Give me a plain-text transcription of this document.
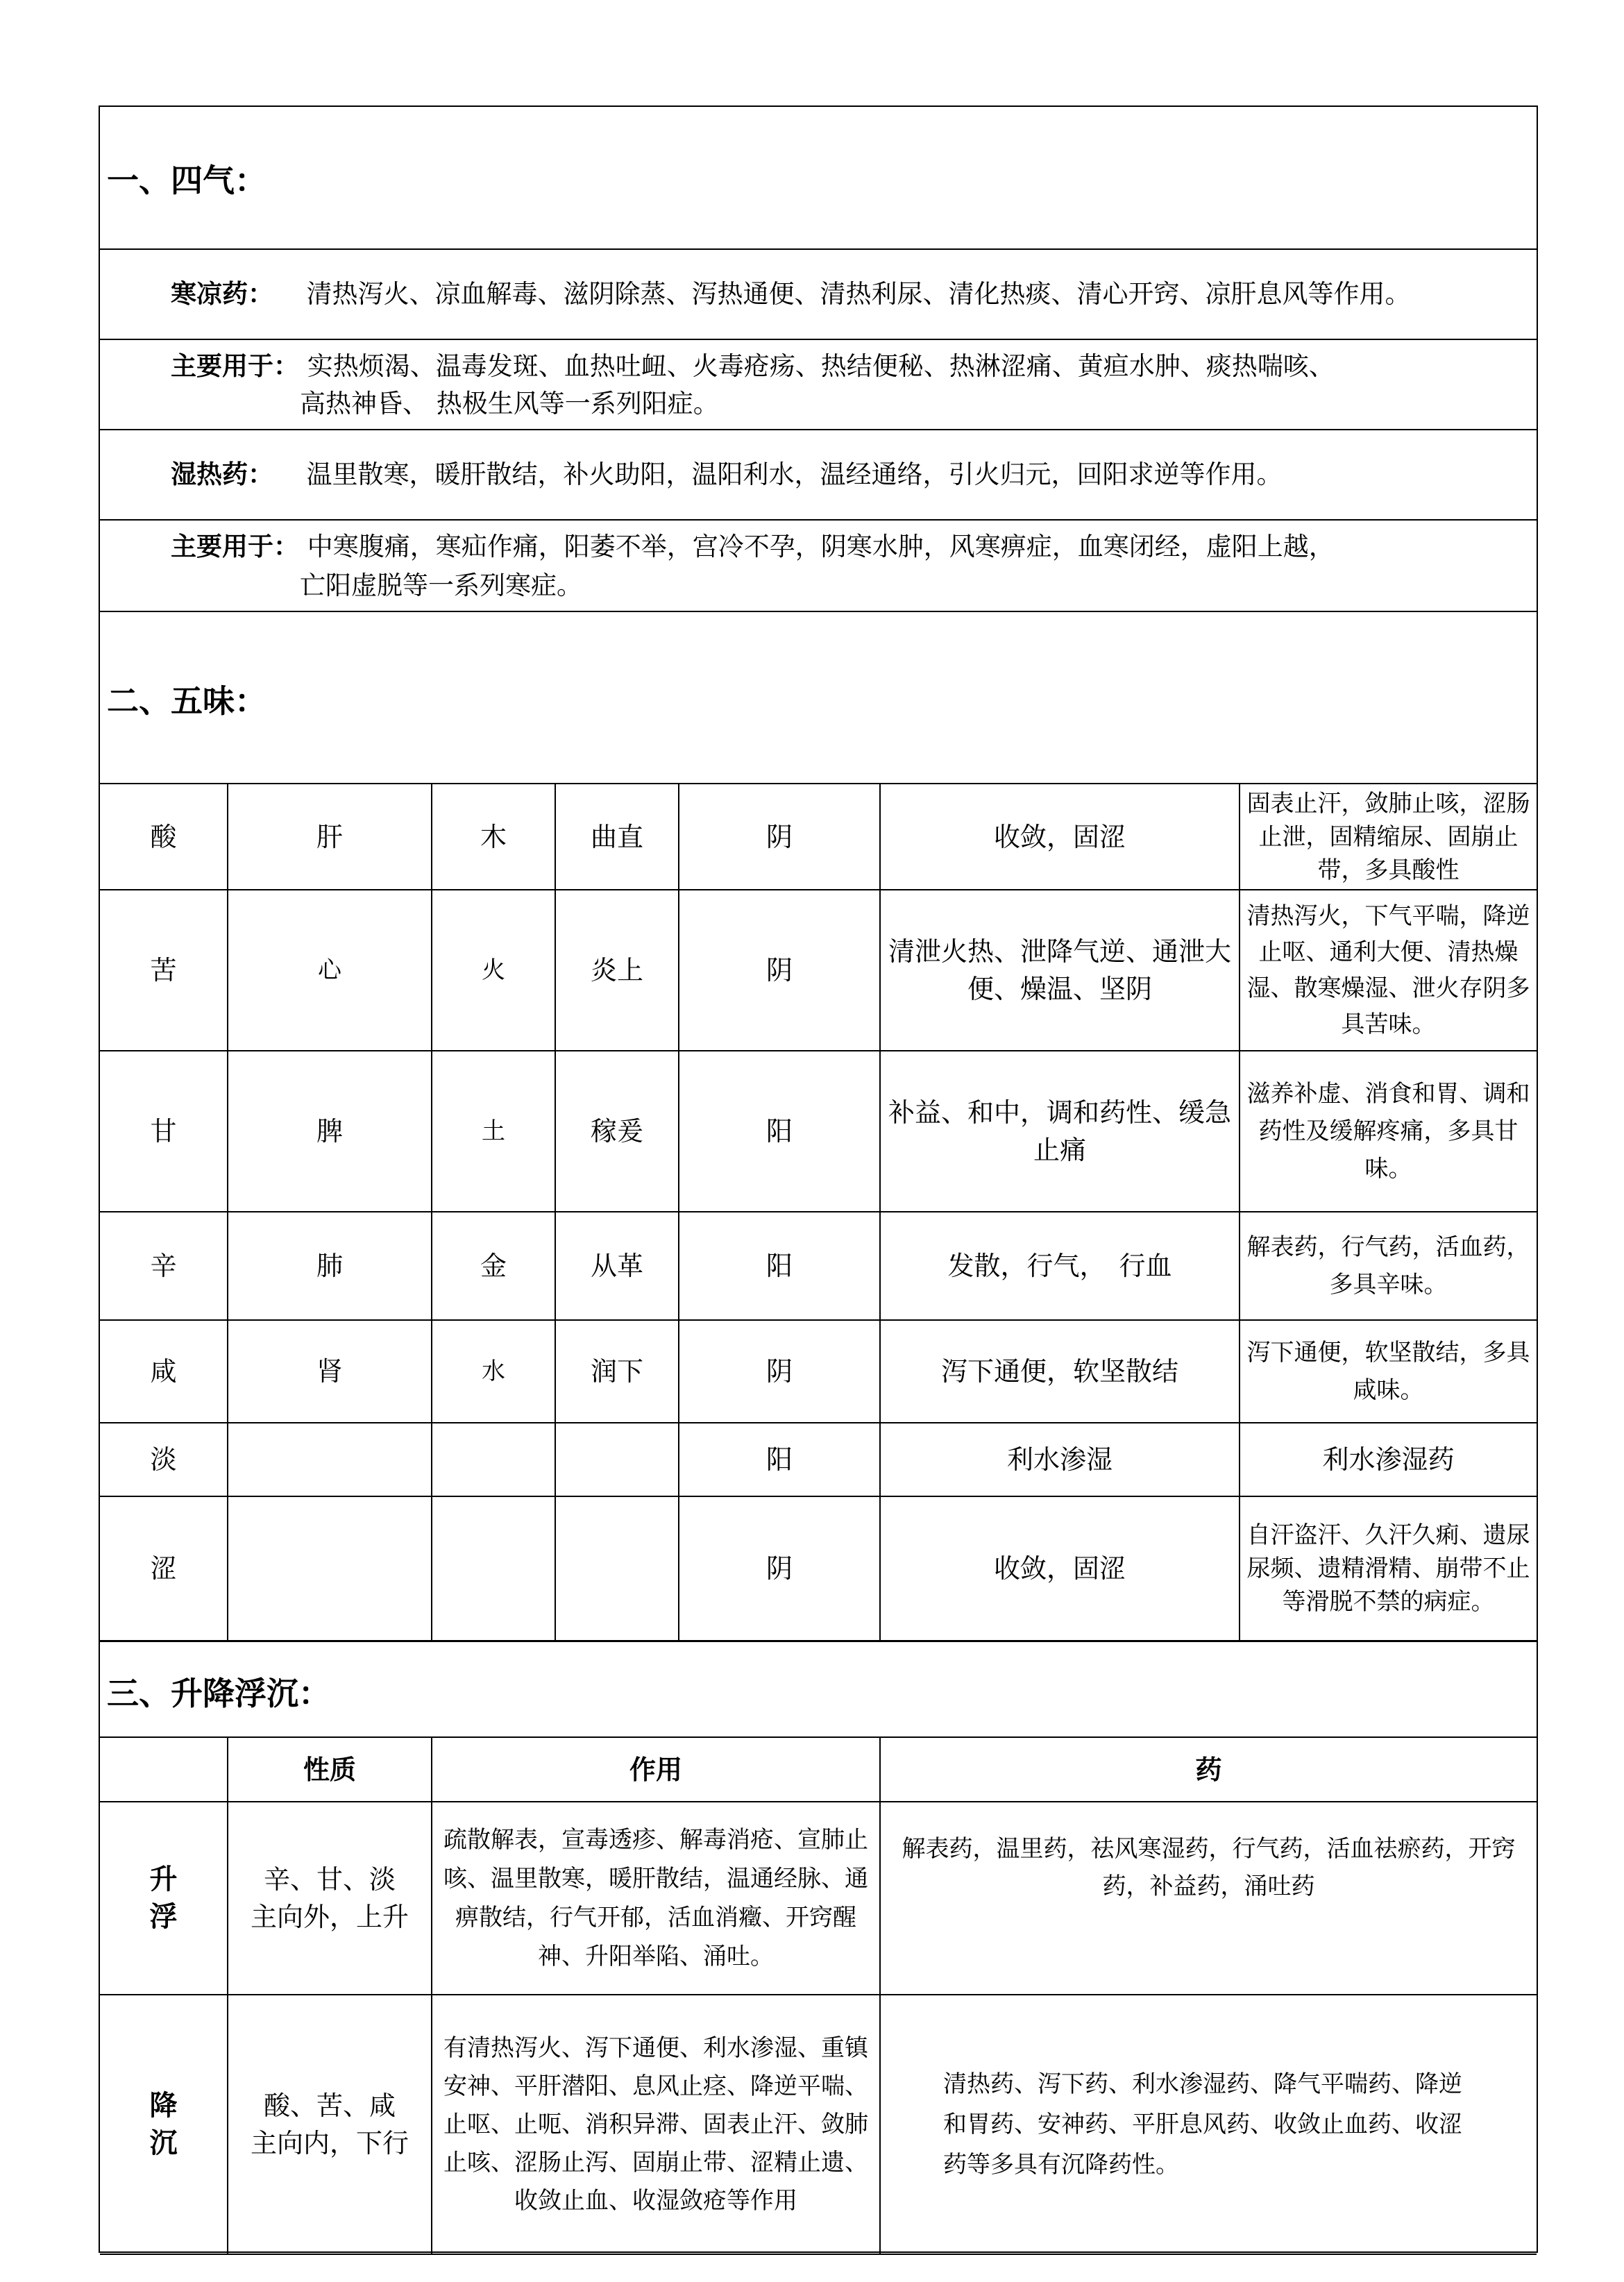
一、四气：
寒凉药： 清热泻火、凉血解毒、滋阴除蒸、泻热通便、清热利尿、清化热痰、清心开窍、凉肝息风等作用。
主要用于： 实热烦渴、温毒发斑、血热吐衄、火毒疮疡、热结便秘、热淋涩痛、黄疸水肿、痰热喘咳、
高热神昏、 热极生风等一系列阳症。
湿热药： 温里散寒，暖肝散结，补火助阳，温阳利水，温经通络，引火归元，回阳求逆等作用。
主要用于： 中寒腹痛，寒疝作痛，阳萎不举，宫冷不孕，阴寒水肿，风寒痹症，血寒闭经，虚阳上越，
亡阳虚脱等一系列寒症。
二、五味：
酸	肝	木	曲直	阴	收敛，固涩	固表止汗，敛肺止咳，涩肠止泄，固精缩尿、固崩止带，多具酸性
苦	心	火	炎上	阴	清泄火热、泄降气逆、通泄大便、燥温、坚阴	清热泻火，下气平喘，降逆止呕、通利大便、清热燥湿、散寒燥湿、泄火存阴多具苦味。
甘	脾	土	稼爰	阳	补益、和中，调和药性、缓急止痛	滋养补虚、消食和胃、调和药性及缓解疼痛，多具甘味。
辛	肺	金	从革	阳	发散，行气，　行血	解表药，行气药，活血药，多具辛味。
咸	肾	水	润下	阴	泻下通便，软坚散结	泻下通便，软坚散结，多具咸味。
淡				阳	利水渗湿	利水渗湿药
涩				阴	收敛，固涩	自汗盗汗、久汗久痢、遗尿尿频、遗精滑精、崩带不止等滑脱不禁的病症。
三、升降浮沉：
	性质	作用	药
升
浮	辛、甘、淡
主向外，上升	疏散解表，宣毒透疹、解毒消疮、宣肺止咳、温里散寒，暖肝散结，温通经脉、通痹散结，行气开郁，活血消癥、开窍醒神、升阳举陷、涌吐。	解表药，温里药，祛风寒湿药，行气药，活血祛瘀药，开窍药，补益药，涌吐药
降
沉	酸、苦、咸
主向内，下行	有清热泻火、泻下通便、利水渗湿、重镇安神、平肝潜阳、息风止痉、降逆平喘、止呕、止呃、消积异滞、固表止汗、敛肺止咳、涩肠止泻、固崩止带、涩精止遗、收敛止血、收湿敛疮等作用	清热药、泻下药、利水渗湿药、降气平喘药、降逆和胃药、安神药、平肝息风药、收敛止血药、收涩药等多具有沉降药性。
